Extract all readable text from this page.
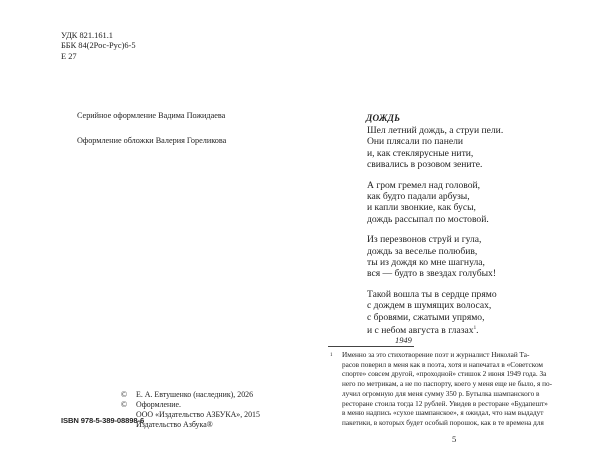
УДК 821.161.1
ББК 84(2Рос-Рус)6-5
Е 27
Серийное оформление Вадима Пожидаева
Оформление обложки Валерия Гореликова
©	Е. А. Евтушенко (наследник), 2026
©	Оформление.
ООО «Издательство АЗБУКА», 2015
Издательство Азбука®
ISBN 978-5-389-08898-6
ДОЖДЬ
Шел летний дождь, а струи пели.
Они плясали по панели
и, как стеклярусные нити,
свивались в розовом зените.
А гром гремел над головой,
как будто падали арбузы,
и капли звонкие, как бусы,
дождь рассыпал по мостовой.
Из перезвонов струй и гула,
дождь за веселье полюбив,
ты из дождя ко мне шагнула,
вся — будто в звездах голубых!
Такой вошла ты в сердце прямо
с дождем в шумящих волосах,
с бровями, сжатыми упрямо,
и с небом августа в глазах$^1$.
1949
1 Именно за это стихотворение поэт и журналист Николай Та-
расов поверил в меня как в поэта, хотя и напечатал в «Советском
спорте» совсем другой, «проходной» стишок 2 июня 1949 года. За
него по метрикам, а не по паспорту, коего у меня еще не было, я по-
лучил огромную для меня сумму 350 р. Бутылка шампанского в
ресторане стоила тогда 12 рублей. Увидев в ресторане «Будапешт»
в меню надпись «сухое шампанское», я ожидал, что нам выдадут
пакетики, в которых будет особый порошок, как в те времена для
5
